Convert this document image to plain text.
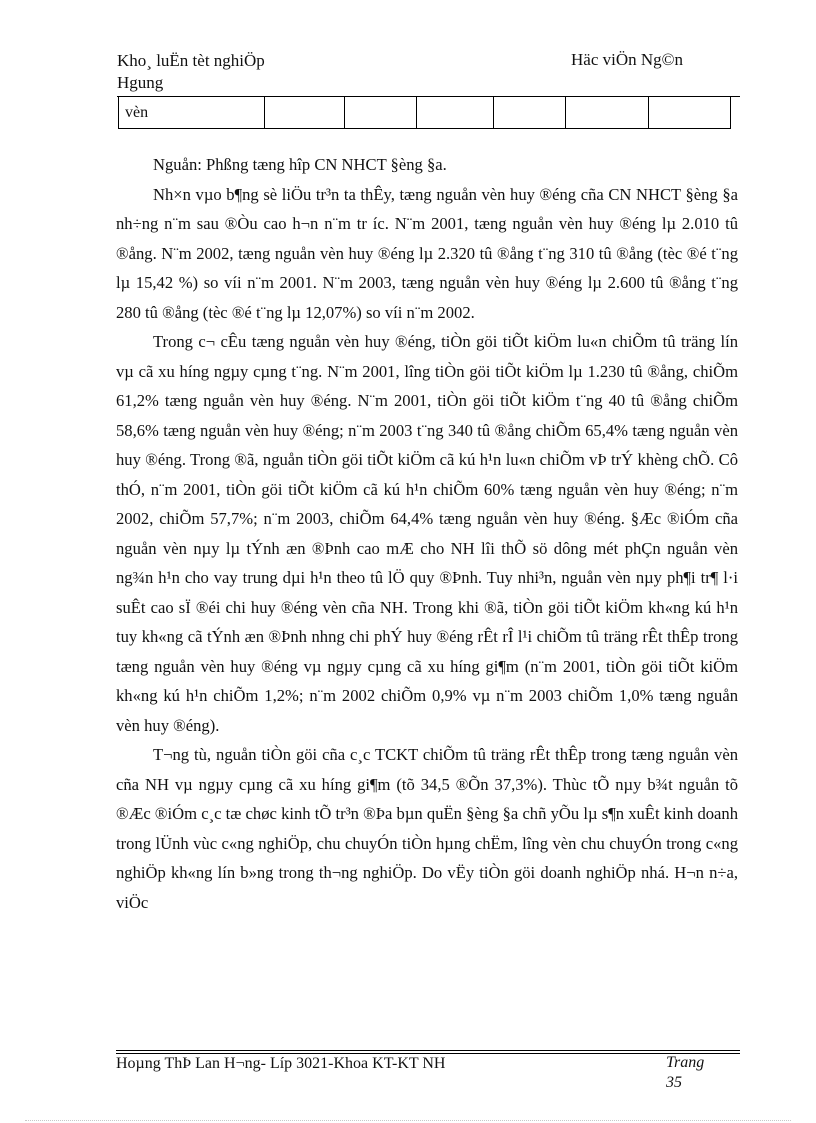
Kho¸ luËn tèt nghiÖp
Hgung
Häc viÖn Ng©n
vèn						

Nguån: Phßng tæng hîp CN NHCT §èng §a.

Nh×n vµo b¶ng sè liÖu tr³n ta thÊy, tæng nguån vèn huy ®éng cña CN NHCT §èng §a nh÷ng n¨m sau ®Òu cao h¬n n¨m tr íc. N¨m 2001, tæng nguån vèn huy ®éng lµ 2.010 tû ®ång. N¨m 2002, tæng nguån vèn huy ®éng lµ 2.320 tû ®ång t¨ng 310 tû ®ång (tèc ®é t¨ng lµ 15,42 %) so víi n¨m 2001. N¨m 2003, tæng nguån vèn huy ®éng lµ 2.600 tû ®ång t¨ng 280 tû ®ång (tèc ®é t¨ng lµ 12,07%) so víi n¨m 2002.

Trong c¬ cÊu tæng nguån vèn huy ®éng, tiÒn göi tiÕt kiÖm lu«n chiÕm tû träng lín vµ cã xu híng ngµy cµng t¨ng. N¨m 2001, lîng tiÒn göi tiÕt kiÖm lµ 1.230 tû ®ång, chiÕm 61,2% tæng nguån vèn huy ®éng. N¨m 2001, tiÒn göi tiÕt kiÖm t¨ng 40 tû ®ång chiÕm 58,6% tæng nguån vèn huy ®éng; n¨m 2003 t¨ng 340 tû ®ång chiÕm 65,4% tæng nguån vèn huy ®éng. Trong ®ã, nguån tiÒn göi tiÕt kiÖm cã kú h¹n lu«n chiÕm vÞ trÝ khèng chÕ. Cô thÓ, n¨m 2001, tiÒn göi tiÕt kiÖm cã kú h¹n chiÕm 60% tæng nguån vèn huy ®éng; n¨m 2002, chiÕm 57,7%; n¨m 2003, chiÕm 64,4% tæng nguån vèn huy ®éng. §Æc ®iÓm cña nguån vèn nµy lµ tÝnh æn ®Þnh cao mÆ cho NH lîi thÕ sö dông mét phÇn nguån vèn ng¾n h¹n cho vay trung dµi h¹n theo tû lÖ quy ®Þnh. Tuy nhi³n, nguån vèn nµy ph¶i tr¶ l·i suÊt cao sÏ ®éi chi huy ®éng vèn cña NH. Trong khi ®ã, tiÒn göi tiÕt kiÖm kh«ng kú h¹n tuy kh«ng cã tÝnh æn ®Þnh nhng chi phÝ huy ®éng rÊt rÎ l¹i chiÕm tû träng rÊt thÊp trong tæng nguån vèn huy ®éng vµ ngµy cµng cã xu híng gi¶m (n¨m 2001, tiÒn göi tiÕt kiÖm kh«ng kú h¹n chiÕm 1,2%; n¨m 2002 chiÕm 0,9% vµ n¨m 2003 chiÕm 1,0% tæng nguån vèn huy ®éng).

T¬ng tù, nguån tiÒn göi cña c¸c TCKT chiÕm tû träng rÊt thÊp trong tæng nguån vèn cña NH vµ ngµy cµng cã xu híng gi¶m (tõ 34,5 ®Õn 37,3%). Thùc tÕ nµy b¾t nguån tõ ®Æc ®iÓm c¸c tæ chøc kinh tÕ tr³n ®Þa bµn quËn §èng §a chñ yÕu lµ s¶n xuÊt kinh doanh trong lÜnh vùc c«ng nghiÖp, chu chuyÓn tiÒn hµng chËm, lîng vèn chu chuyÓn trong c«ng nghiÖp kh«ng lín b»ng trong th¬ng nghiÖp. Do vËy tiÒn göi doanh nghiÖp nhá. H¬n n÷a, viÖc

Hoµng ThÞ Lan H¬ng- Líp 3021-Khoa KT-KT NH	Trang
35
